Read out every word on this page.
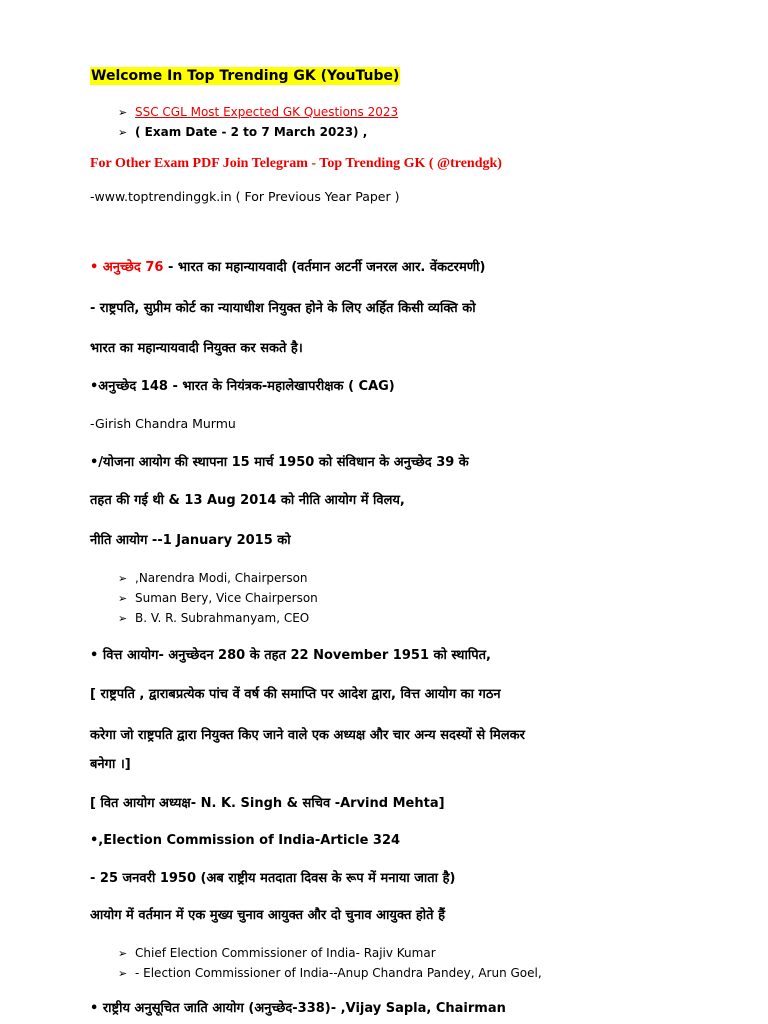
Welcome In Top Trending GK (YouTube)
➢ SSC CGL Most Expected GK Questions 2023
➢ ( Exam Date - 2 to 7 March 2023) ,
For Other Exam PDF Join Telegram - Top Trending GK ( @trendgk)
-www.toptrendinggk.in ( For Previous Year Paper )
• अनुच्छेद 76 - भारत का महान्यायवादी (वर्तमान अटर्नी जनरल आर. वेंकटरमणी)
- राष्ट्रपति, सुप्रीम कोर्ट का न्यायाधीश नियुक्त होने के लिए अर्हित किसी व्यक्ति को
भारत का महान्यायवादी नियुक्त कर सकते है।
•अनुच्छेद 148 - भारत के नियंत्रक-महालेखापरीक्षक ( CAG)
-Girish Chandra Murmu
•/योजना आयोग की स्थापना 15 मार्च 1950 को संविधान के अनुच्छेद 39 के
तहत की गई थी & 13 Aug 2014 को नीति आयोग में विलय,
नीति आयोग --1 January 2015 को
➢ ,Narendra Modi, Chairperson
➢ Suman Bery, Vice Chairperson
➢ B. V. R. Subrahmanyam, CEO
• वित्त आयोग- अनुच्छेदन 280 के तहत 22 November 1951 को स्थापित,
[ राष्ट्रपति , द्वाराबप्रत्येक पांच वें वर्ष की समाप्ति पर आदेश द्वारा, वित्त आयोग का गठन
करेगा जो राष्ट्रपति द्वारा नियुक्त किए जाने वाले एक अध्यक्ष और चार अन्य सदस्यों से मिलकर
बनेगा ।]
[ वित आयोग अध्यक्ष- N. K. Singh & सचिव -Arvind Mehta]
•,Election Commission of India-Article 324
- 25 जनवरी 1950 (अब राष्ट्रीय मतदाता दिवस के रूप में मनाया जाता है)
आयोग में वर्तमान में एक मुख्य चुनाव आयुक्त और दो चुनाव आयुक्त होते हैं
➢ Chief Election Commissioner of India- Rajiv Kumar
➢ - Election Commissioner of India--Anup Chandra Pandey, Arun Goel,
• राष्ट्रीय अनुसूचित जाति आयोग (अनुच्छेद-338)- ,Vijay Sapla, Chairman
